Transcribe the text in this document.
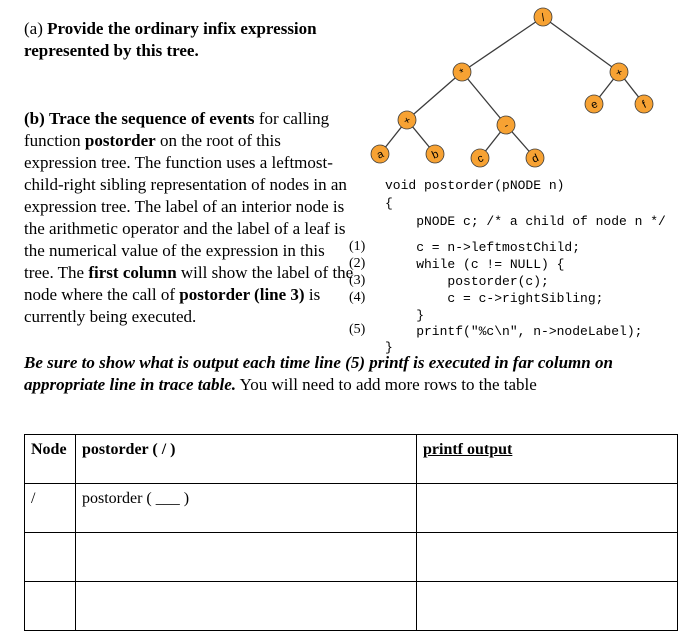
(a) Provide the ordinary infix expression represented by this tree.
(b) Trace the sequence of events for calling function postorder on the root of this expression tree. The function uses a leftmost-child-right sibling representation of nodes in an expression tree. The label of an interior node is the arithmetic operator and the label of a leaf is the numerical value of the expression in this tree. The first column will show the label of the node where the call of postorder (line 3) is currently being executed.
Be sure to show what is output each time line (5) printf is executed in far column on appropriate line in trace table. You will need to add more rows to the table
/
*
+
+
b
a
-
c	d
e	f
void postorder(pNODE n)
{
pNODE c; /* a child of node n */
c = n->leftmostChild;
while (c != NULL) {
postorder(c);
c = c->rightSibling;
}
printf("%c\n", n->nodeLabel);
}
(1)
(2)
(3)
(4)
(5)
Node	postorder ( / )	printf output
/	postorder ( ___ )	
